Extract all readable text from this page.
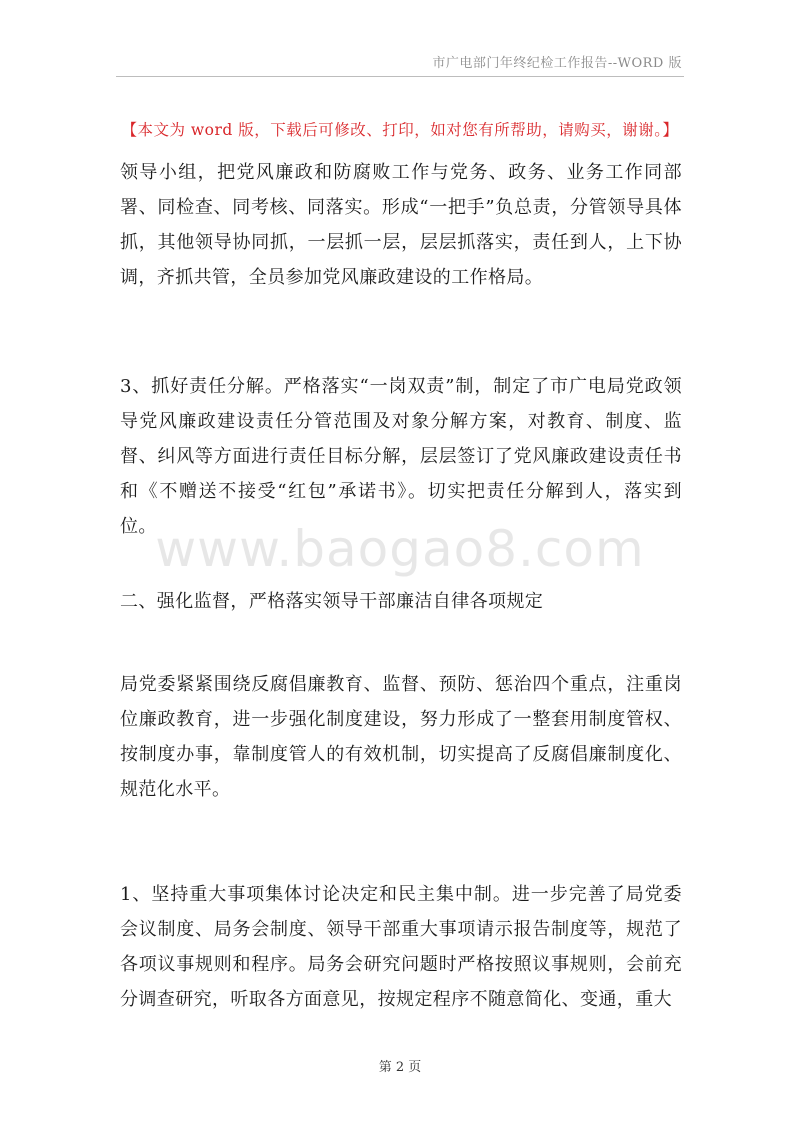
市广电部门年终纪检工作报告--WORD 版
【本文为 word 版，下载后可修改、打印，如对您有所帮助，请购买，谢谢。】
领导小组，把党风廉政和防腐败工作与党务、政务、业务工作同部署、同检查、同考核、同落实。形成“一把手”负总责，分管领导具体抓，其他领导协同抓，一层抓一层，层层抓落实，责任到人，上下协调，齐抓共管，全员参加党风廉政建设的工作格局。
3、抓好责任分解。严格落实“一岗双责”制，制定了市广电局党政领导党风廉政建设责任分管范围及对象分解方案，对教育、制度、监督、纠风等方面进行责任目标分解，层层签订了党风廉政建设责任书和《不赠送不接受“红包”承诺书》。切实把责任分解到人，落实到位。
www.baogao8.com
二、强化监督，严格落实领导干部廉洁自律各项规定
局党委紧紧围绕反腐倡廉教育、监督、预防、惩治四个重点，注重岗位廉政教育，进一步强化制度建设，努力形成了一整套用制度管权、按制度办事，靠制度管人的有效机制，切实提高了反腐倡廉制度化、规范化水平。
1、坚持重大事项集体讨论决定和民主集中制。进一步完善了局党委会议制度、局务会制度、领导干部重大事项请示报告制度等，规范了各项议事规则和程序。局务会研究问题时严格按照议事规则，会前充分调查研究，听取各方面意见，按规定程序不随意简化、变通，重大
第 2 页
